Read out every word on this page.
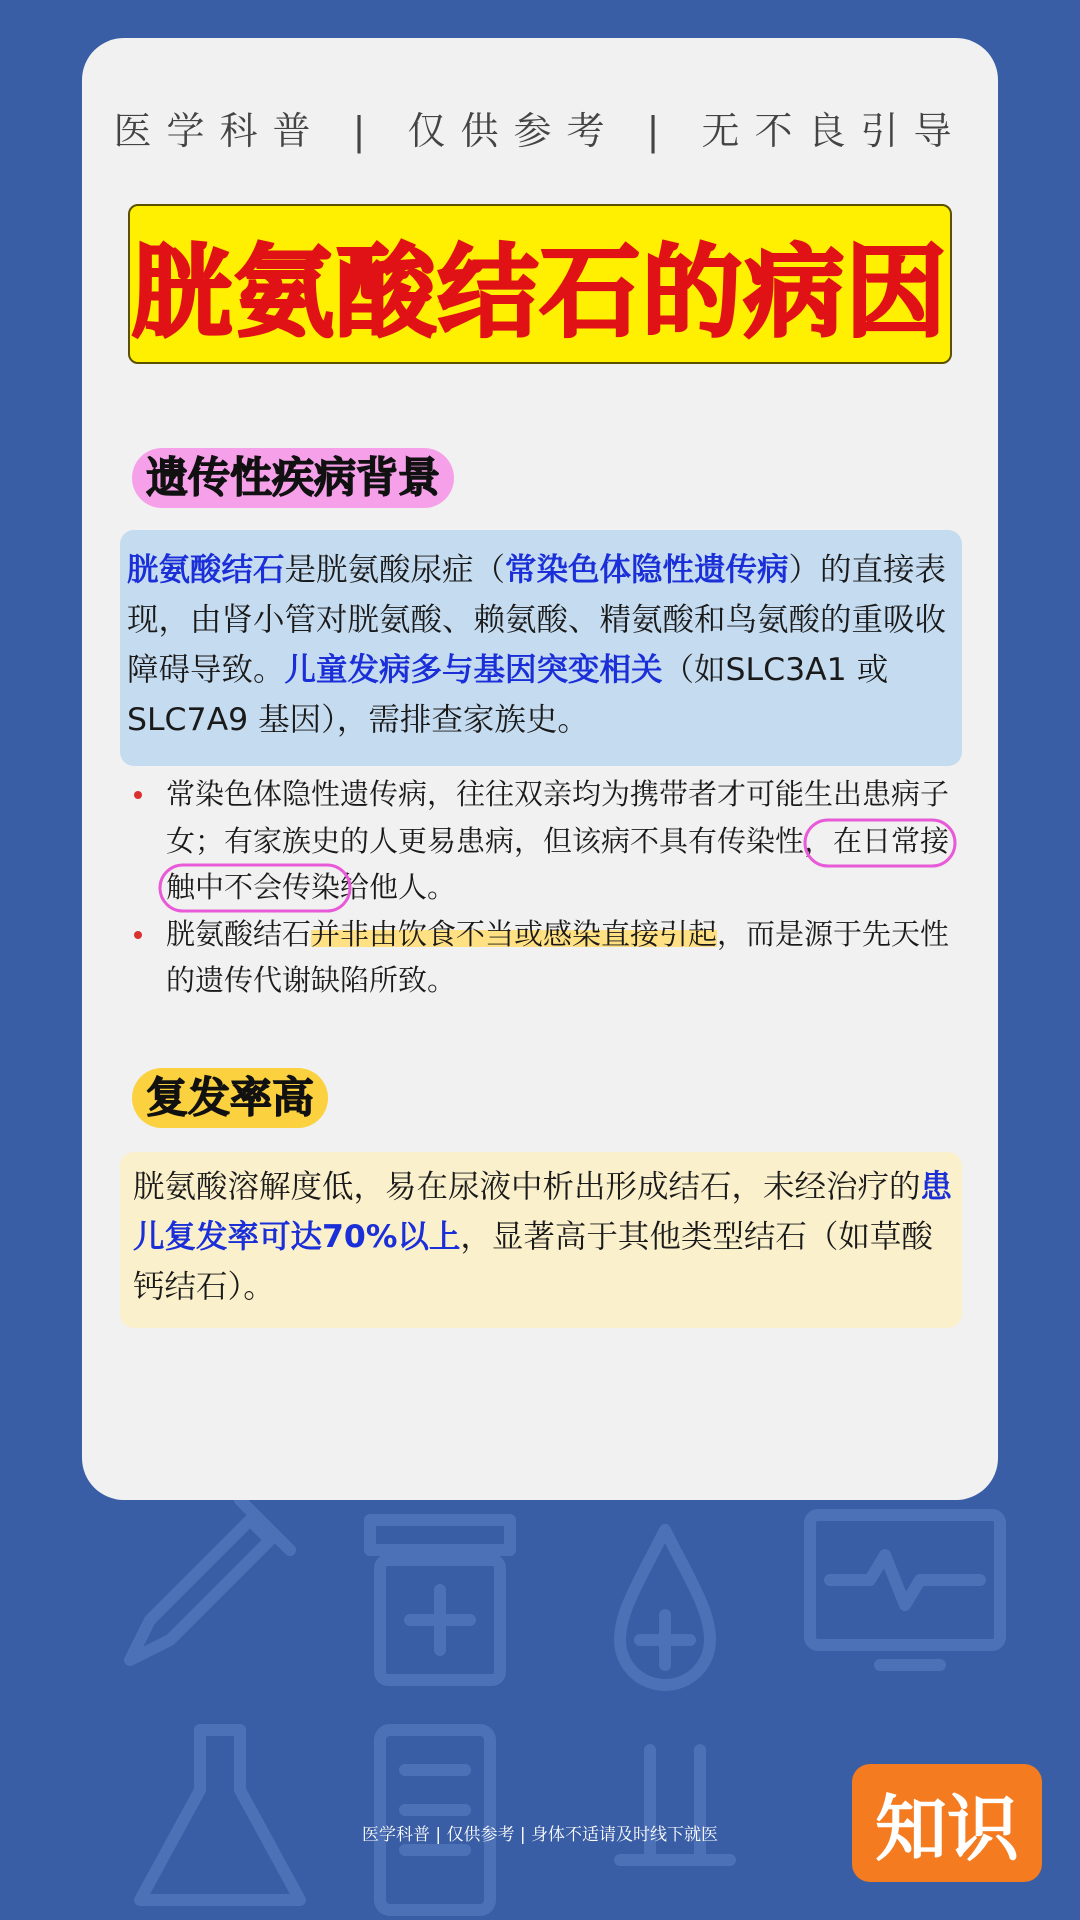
医学科普 | 仅供参考 | 无不良引导
胱氨酸结石的病因
遗传性疾病背景
胱氨酸结石是胱氨酸尿症（常染色体隐性遗传病）的直接表现，由肾小管对胱氨酸、赖氨酸、精氨酸和鸟氨酸的重吸收障碍导致。儿童发病多与基因突变相关（如SLC3A1 或 SLC7A9 基因），需排查家族史。
常染色体隐性遗传病，往往双亲均为携带者才可能生出患病子女；有家族史的人更易患病，但该病不具有传染性，在日常接触中不会传染给他人。
胱氨酸结石并非由饮食不当或感染直接引起，而是源于先天性的遗传代谢缺陷所致。
复发率高
胱氨酸溶解度低，易在尿液中析出形成结石，未经治疗的患儿复发率可达70%以上，显著高于其他类型结石（如草酸钙结石）。
医学科普 | 仅供参考 | 身体不适请及时线下就医	知识
